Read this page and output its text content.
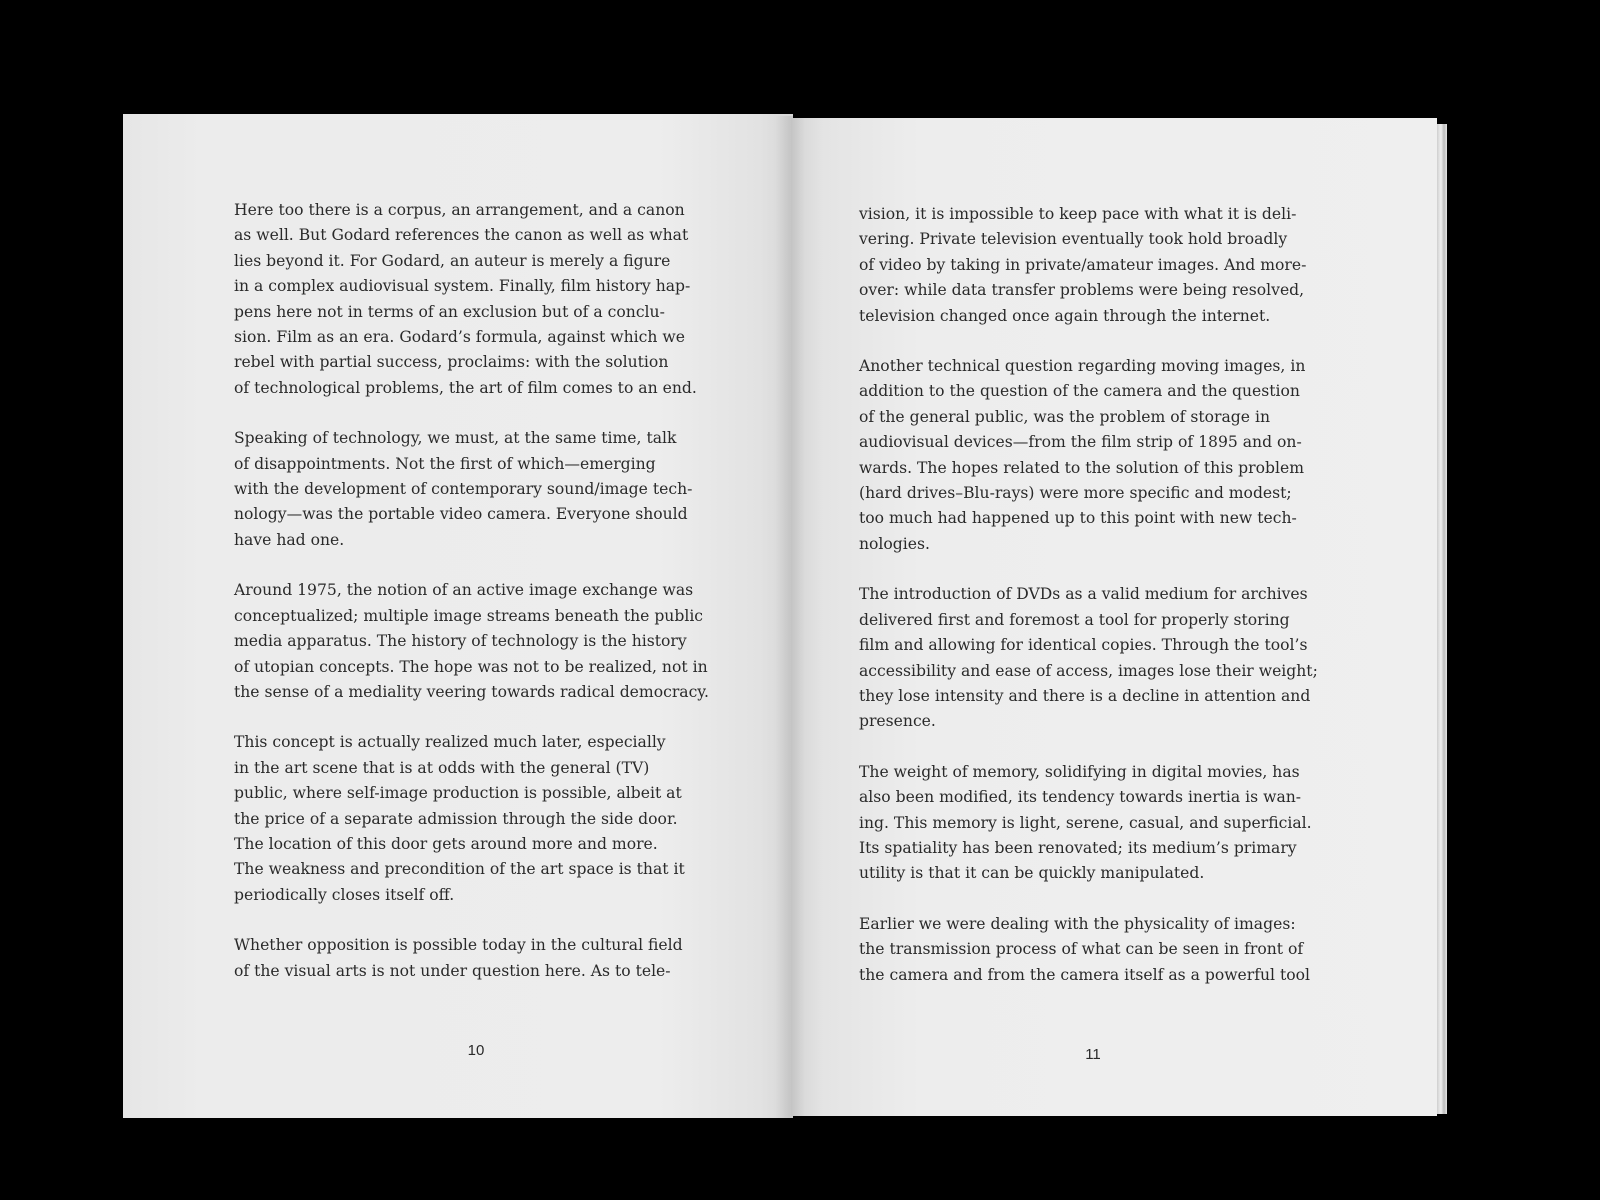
Here too there is a corpus, an arrangement, and a canon
as well. But Godard references the canon as well as what
lies beyond it. For Godard, an auteur is merely a figure
in a complex audiovisual system. Finally, film history hap-
pens here not in terms of an exclusion but of a conclu-
sion. Film as an era. Godard’s formula, against which we
rebel with partial success, proclaims: with the solution
of technological problems, the art of film comes to an end.

Speaking of technology, we must, at the same time, talk
of disappointments. Not the first of which—emerging
with the development of contemporary sound/image tech-
nology—was the portable video camera. Everyone should
have had one.

Around 1975, the notion of an active image exchange was
conceptualized; multiple image streams beneath the public
media apparatus. The history of technology is the history
of utopian concepts. The hope was not to be realized, not in
the sense of a mediality veering towards radical democracy.

This concept is actually realized much later, especially
in the art scene that is at odds with the general (TV)
public, where self-image production is possible, albeit at
the price of a separate admission through the side door.
The location of this door gets around more and more.
The weakness and precondition of the art space is that it
periodically closes itself off.

Whether opposition is possible today in the cultural field
of the visual arts is not under question here. As to tele-

10

vision, it is impossible to keep pace with what it is deli-
vering. Private television eventually took hold broadly
of video by taking in private/amateur images. And more-
over: while data transfer problems were being resolved,
television changed once again through the internet.

Another technical question regarding moving images, in
addition to the question of the camera and the question
of the general public, was the problem of storage in
audiovisual devices—from the film strip of 1895 and on-
wards. The hopes related to the solution of this problem
(hard drives–Blu-rays) were more specific and modest;
too much had happened up to this point with new tech-
nologies.

The introduction of DVDs as a valid medium for archives
delivered first and foremost a tool for properly storing
film and allowing for identical copies. Through the tool’s
accessibility and ease of access, images lose their weight;
they lose intensity and there is a decline in attention and
presence.

The weight of memory, solidifying in digital movies, has
also been modified, its tendency towards inertia is wan-
ing. This memory is light, serene, casual, and superficial.
Its spatiality has been renovated; its medium’s primary
utility is that it can be quickly manipulated.

Earlier we were dealing with the physicality of images:
the transmission process of what can be seen in front of
the camera and from the camera itself as a powerful tool

11
